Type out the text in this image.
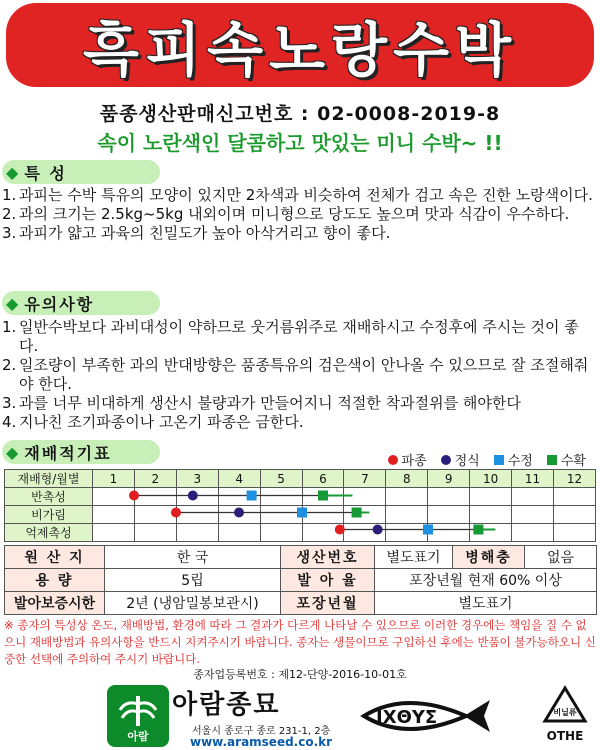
흑피속노랑수박
품종생산판매신고번호 : 02-0008-2019-8
속이 노란색인 달콤하고 맛있는 미니 수박~ !!
◆ 특 성
1. 과피는 수박 특유의 모양이 있지만 2차색과 비슷하여 전체가 검고 속은 진한 노랑색이다.
2. 과의 크기는 2.5kg~5kg 내외이며 미니형으로 당도도 높으며 맛과 식감이 우수하다.
3. 과피가 얇고 과육의 친밀도가 높아 아삭거리고 향이 좋다.
◆ 유의사항
1. 일반수박보다 과비대성이 약하므로 웃거름위주로 재배하시고 수정후에 주시는 것이 좋다.
2. 일조량이 부족한 과의 반대방향은 품종특유의 검은색이 안나올 수 있으므로 잘 조절해줘야 한다.
3. 과를 너무 비대하게 생산시 불량과가 만들어지니 적절한 착과절위를 해야한다
4. 지나친 조기파종이나 고온기 파종은 금한다.
◆ 재배적기표	파종 정식 수정 수확
재배형/월별	1	2	3	4	5	6	7	8	9	10	11	12
반촉성												
비가림												
억제촉성												
원 산 지	한 국	생산번호	별도표기	병해충	없음
용 량	5립	발 아 율	포장년월 현재 60% 이상		
발아보증시한	2년 (냉암밀봉보관시)	포장년월	별도표기		
※ 종자의 특성상 온도, 재배방법, 환경에 따라 그 결과가 다르게 나타날 수 있으므로 이러한 경우에는 책임을 질 수 없으니 재배방법과 유의사항을 반드시 지켜주시기 바랍니다. 종자는 생물이므로 구입하신 후에는 반품이 불가능하오니 신중한 선택에 주의하여 주시기 바랍니다.
종자업등록번호 : 제12-단양-2016-10-01호
아람
아람종묘
서울시 종로구 종로 231-1, 2층
www.aramseed.co.kr
IXΘYΣ	비닐류
OTHE
